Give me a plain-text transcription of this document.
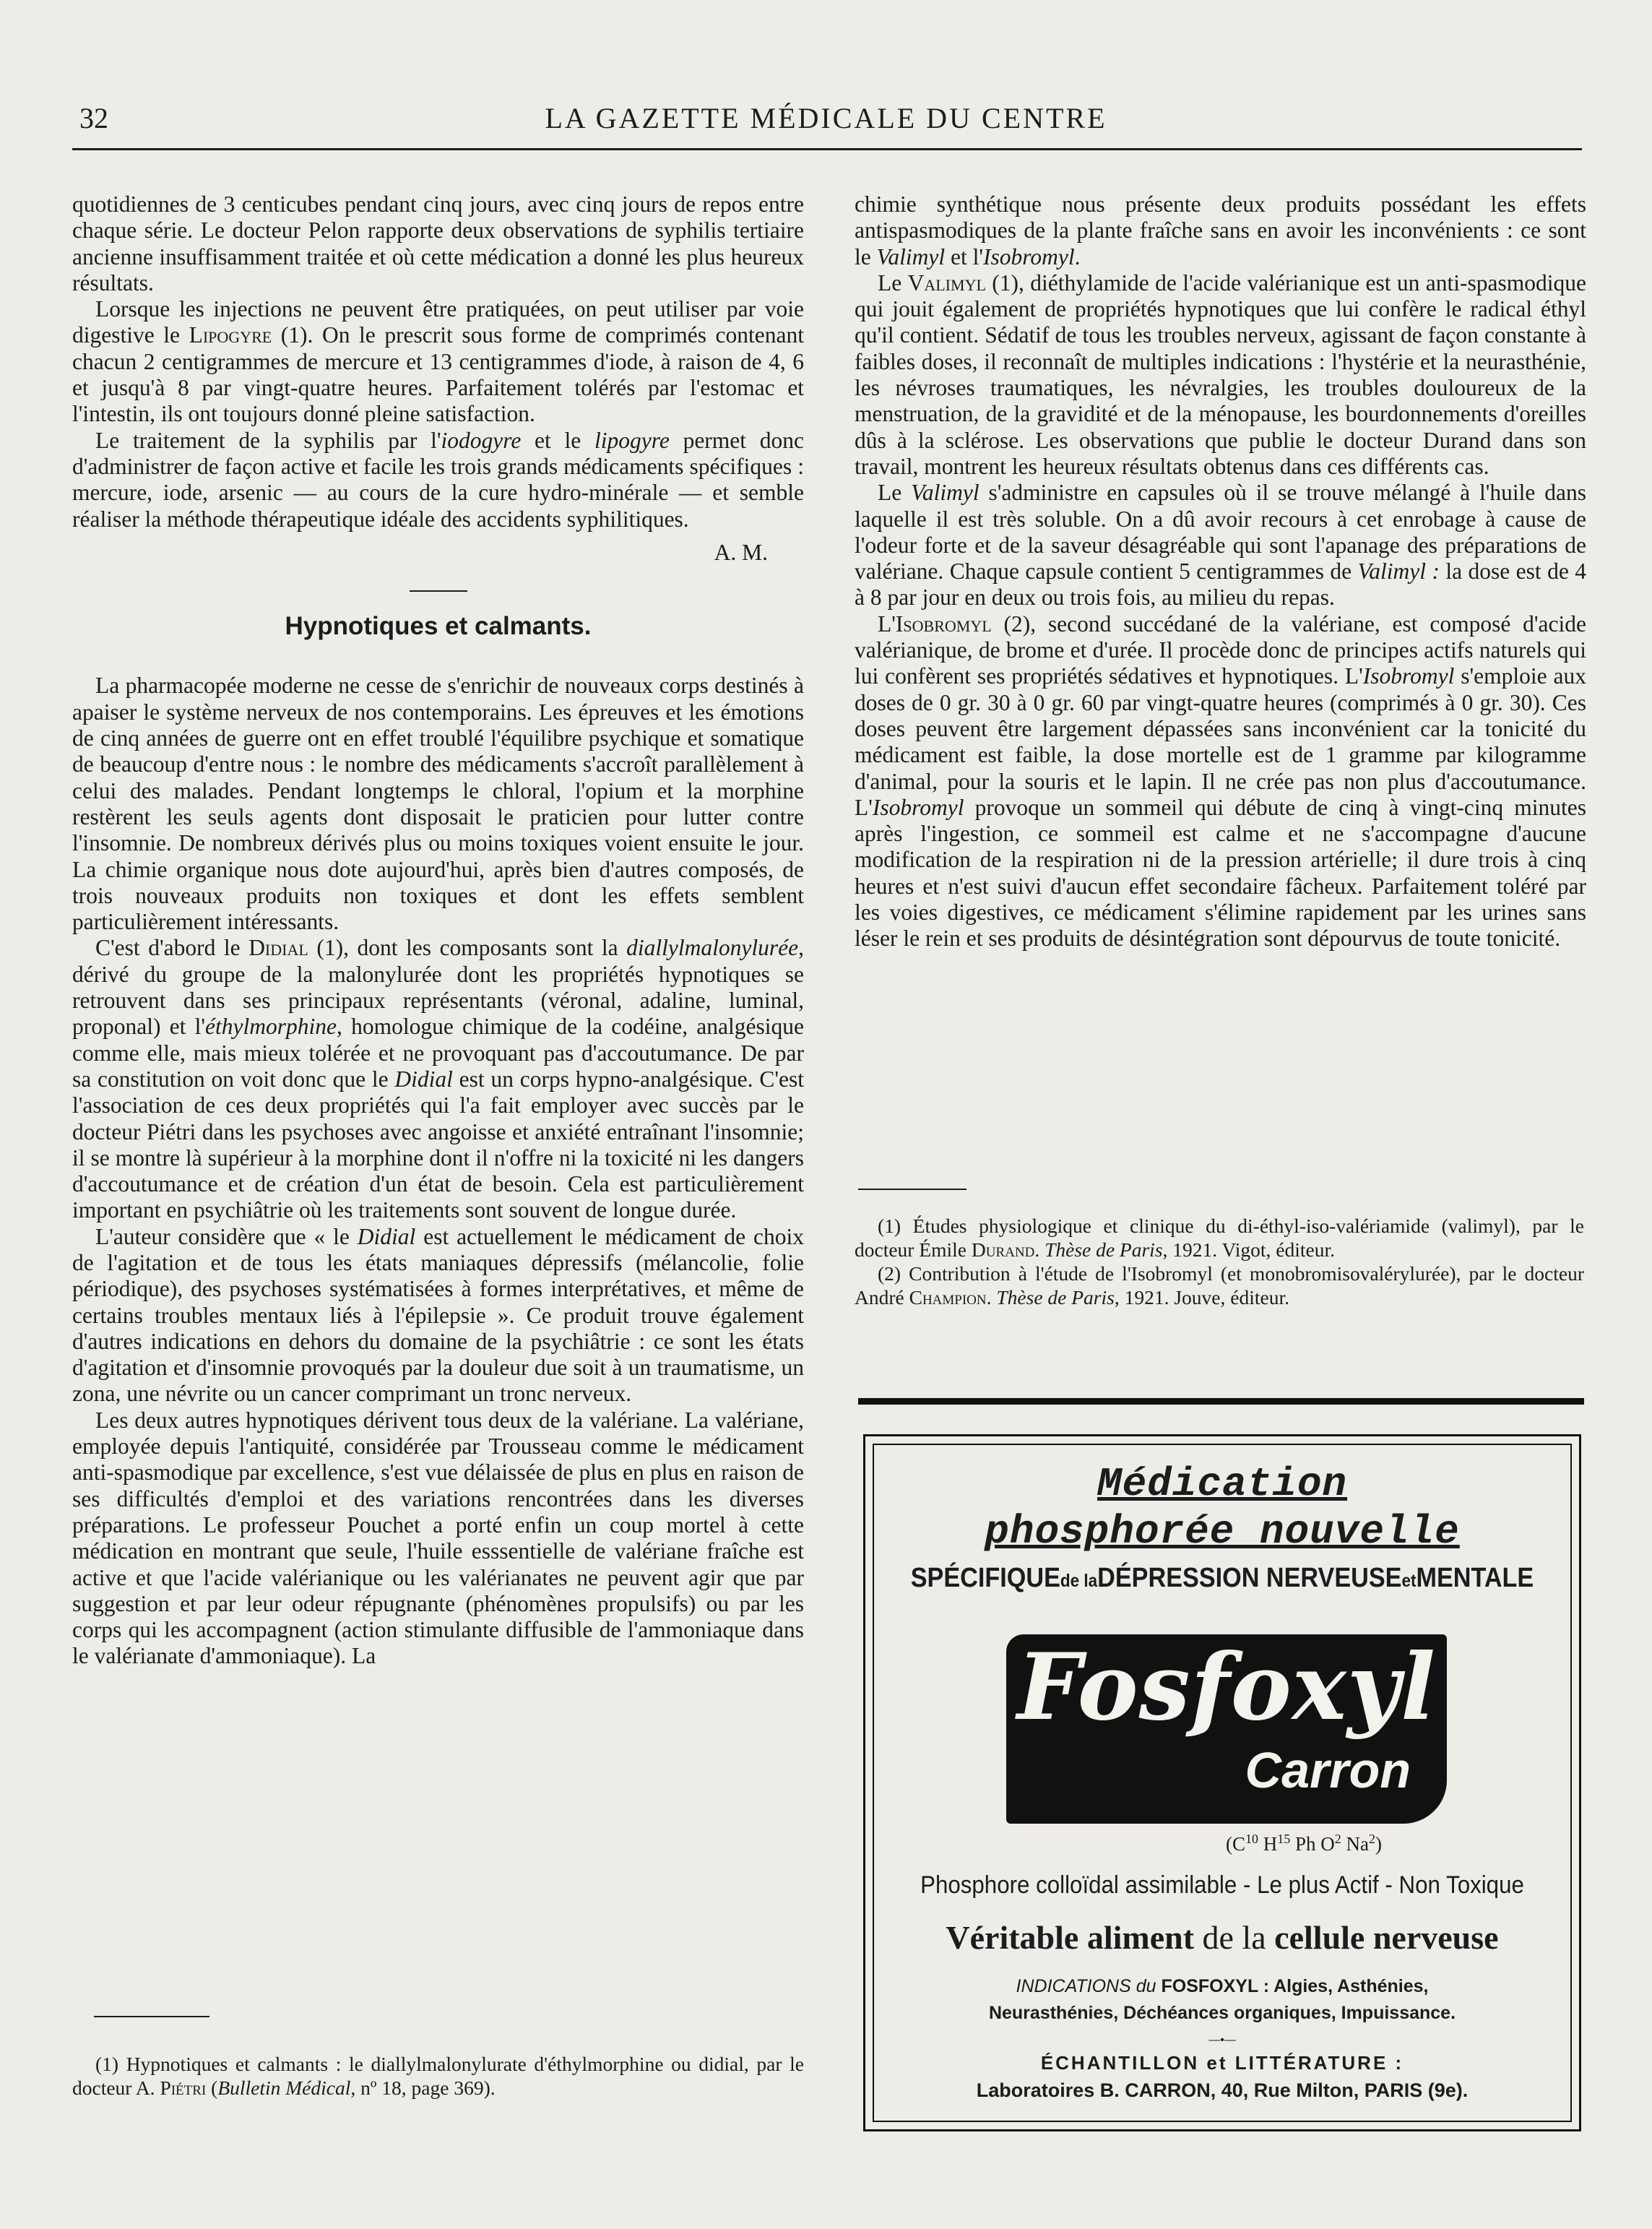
32	LA GAZETTE MÉDICALE DU CENTRE

quotidiennes de 3 centicubes pendant cinq jours, avec cinq jours de repos entre chaque série. Le docteur Pelon rapporte deux observations de syphilis tertiaire ancienne insuffisamment traitée et où cette médication a donné les plus heureux résultats.

Lorsque les injections ne peuvent être pratiquées, on peut utiliser par voie digestive le Lipogyre (1). On le prescrit sous forme de comprimés contenant chacun 2 centigrammes de mercure et 13 centigrammes d'iode, à raison de 4, 6 et jusqu'à 8 par vingt-quatre heures. Parfaitement tolérés par l'estomac et l'intestin, ils ont toujours donné pleine satisfaction.

Le traitement de la syphilis par l'iodogyre et le lipogyre permet donc d'administrer de façon active et facile les trois grands médicaments spécifiques : mercure, iode, arsenic — au cours de la cure hydro-minérale — et semble réaliser la méthode thérapeutique idéale des accidents syphilitiques.

A. M.
Hypnotiques et calmants.

La pharmacopée moderne ne cesse de s'enrichir de nouveaux corps destinés à apaiser le système nerveux de nos contemporains. Les épreuves et les émotions de cinq années de guerre ont en effet troublé l'équilibre psychique et somatique de beaucoup d'entre nous : le nombre des médicaments s'accroît parallèlement à celui des malades. Pendant longtemps le chloral, l'opium et la morphine restèrent les seuls agents dont disposait le praticien pour lutter contre l'insomnie. De nombreux dérivés plus ou moins toxiques voient ensuite le jour. La chimie organique nous dote aujourd'hui, après bien d'autres composés, de trois nouveaux produits non toxiques et dont les effets semblent particulièrement intéressants.

C'est d'abord le Didial (1), dont les composants sont la diallylmalonylurée, dérivé du groupe de la malonylurée dont les propriétés hypnotiques se retrouvent dans ses principaux représentants (véronal, adaline, luminal, proponal) et l'éthylmorphine, homologue chimique de la codéine, analgésique comme elle, mais mieux tolérée et ne provoquant pas d'accoutumance. De par sa constitution on voit donc que le Didial est un corps hypno-analgésique. C'est l'association de ces deux propriétés qui l'a fait employer avec succès par le docteur Piétri dans les psychoses avec angoisse et anxiété entraînant l'insomnie; il se montre là supérieur à la morphine dont il n'offre ni la toxicité ni les dangers d'accoutumance et de création d'un état de besoin. Cela est particulièrement important en psychiâtrie où les traitements sont souvent de longue durée.

L'auteur considère que « le Didial est actuellement le médicament de choix de l'agitation et de tous les états maniaques dépressifs (mélancolie, folie périodique), des psychoses systématisées à formes interprétatives, et même de certains troubles mentaux liés à l'épilepsie ». Ce produit trouve également d'autres indications en dehors du domaine de la psychiâtrie : ce sont les états d'agitation et d'insomnie provoqués par la douleur due soit à un traumatisme, un zona, une névrite ou un cancer comprimant un tronc nerveux.

Les deux autres hypnotiques dérivent tous deux de la valériane. La valériane, employée depuis l'antiquité, considérée par Trousseau comme le médicament anti-spasmodique par excellence, s'est vue délaissée de plus en plus en raison de ses difficultés d'emploi et des variations rencontrées dans les diverses préparations. Le professeur Pouchet a porté enfin un coup mortel à cette médication en montrant que seule, l'huile esssentielle de valériane fraîche est active et que l'acide valérianique ou les valérianates ne peuvent agir que par suggestion et par leur odeur répugnante (phénomènes propulsifs) ou par les corps qui les accompagnent (action stimulante diffusible de l'ammoniaque dans le valérianate d'ammoniaque). La

(1) Hypnotiques et calmants : le diallylmalonylurate d'éthylmorphine ou didial, par le docteur A. Piétri (Bulletin Médical, nº 18, page 369).

chimie synthétique nous présente deux produits possédant les effets antispasmodiques de la plante fraîche sans en avoir les inconvénients : ce sont le Valimyl et l'Isobromyl.

Le Valimyl (1), diéthylamide de l'acide valérianique est un anti-spasmodique qui jouit également de propriétés hypnotiques que lui confère le radical éthyl qu'il contient. Sédatif de tous les troubles nerveux, agissant de façon constante à faibles doses, il reconnaît de multiples indications : l'hystérie et la neurasthénie, les névroses traumatiques, les névralgies, les troubles douloureux de la menstruation, de la gravidité et de la ménopause, les bourdonnements d'oreilles dûs à la sclérose. Les observations que publie le docteur Durand dans son travail, montrent les heureux résultats obtenus dans ces différents cas.

Le Valimyl s'administre en capsules où il se trouve mélangé à l'huile dans laquelle il est très soluble. On a dû avoir recours à cet enrobage à cause de l'odeur forte et de la saveur désagréable qui sont l'apanage des préparations de valériane. Chaque capsule contient 5 centigrammes de Valimyl : la dose est de 4 à 8 par jour en deux ou trois fois, au milieu du repas.

L'Isobromyl (2), second succédané de la valériane, est composé d'acide valérianique, de brome et d'urée. Il procède donc de principes actifs naturels qui lui confèrent ses propriétés sédatives et hypnotiques. L'Isobromyl s'emploie aux doses de 0 gr. 30 à 0 gr. 60 par vingt-quatre heures (comprimés à 0 gr. 30). Ces doses peuvent être largement dépassées sans inconvénient car la tonicité du médicament est faible, la dose mortelle est de 1 gramme par kilogramme d'animal, pour la souris et le lapin. Il ne crée pas non plus d'accoutumance. L'Isobromyl provoque un sommeil qui débute de cinq à vingt-cinq minutes après l'ingestion, ce sommeil est calme et ne s'accompagne d'aucune modification de la respiration ni de la pression artérielle; il dure trois à cinq heures et n'est suivi d'aucun effet secondaire fâcheux. Parfaitement toléré par les voies digestives, ce médicament s'élimine rapidement par les urines sans léser le rein et ses produits de désintégration sont dépourvus de toute tonicité.

(1) Études physiologique et clinique du di-éthyl-iso-valériamide (valimyl), par le docteur Émile Durand. Thèse de Paris, 1921. Vigot, éditeur.

(2) Contribution à l'étude de l'Isobromyl (et monobromisovalérylurée), par le docteur André Champion. Thèse de Paris, 1921. Jouve, éditeur.

Médication
phosphorée nouvelle
SPÉCIFIQUEde laDÉPRESSION NERVEUSEetMENTALE
Fosfoxyl
Carron
($C^{10}$ $H^{15}$ Ph $O^2$ Na$^2$)
Phosphore colloïdal assimilable - Le plus Actif - Non Toxique
Véritable aliment de la cellule nerveuse
INDICATIONS du FOSFOXYL : Algies, Asthénies,
Neurasthénies, Déchéances organiques, Impuissance.
—•—
ÉCHANTILLON et LITTÉRATURE :
Laboratoires B. CARRON, 40, Rue Milton, PARIS (9e).
